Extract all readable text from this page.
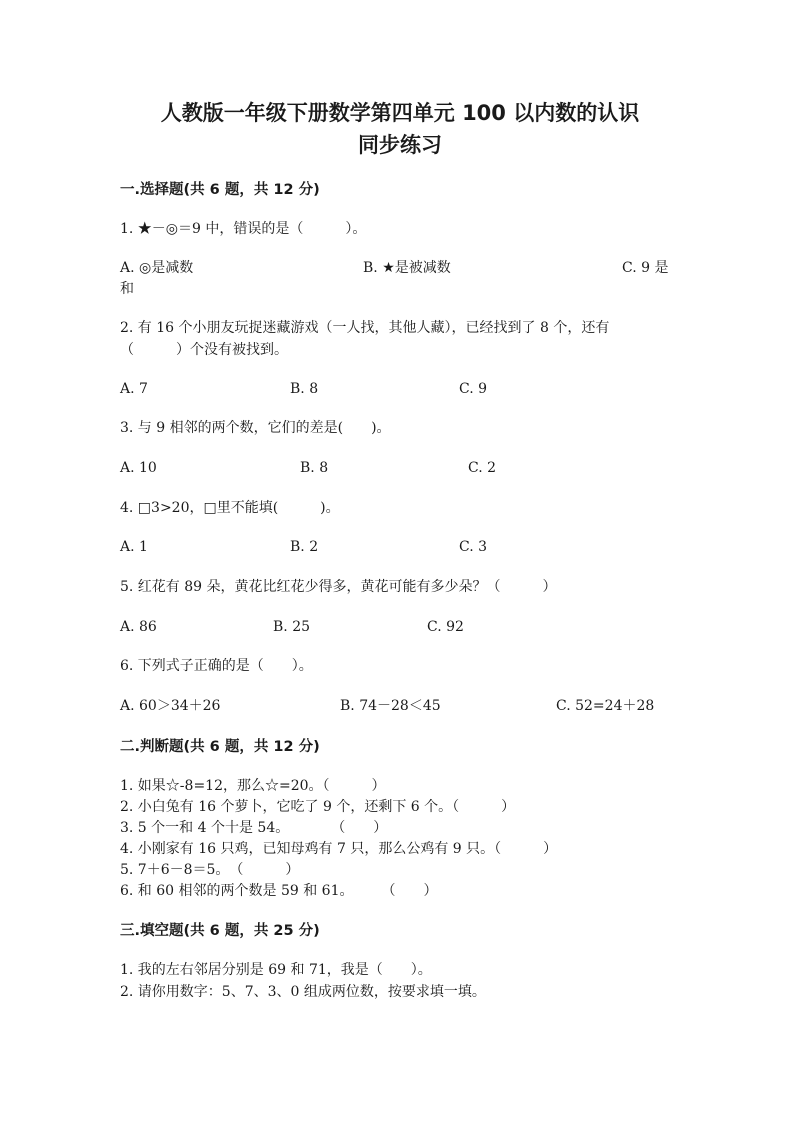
人教版一年级下册数学第四单元 100 以内数的认识
同步练习
一.选择题(共 6 题，共 12 分)
1. ★－◎＝9 中，错误的是（　　　）。
A. ◎是减数	B. ★是被减数	C. 9 是
和
2. 有 16 个小朋友玩捉迷藏游戏（一人找，其他人藏），已经找到了 8 个，还有
（　　　）个没有被找到。
A. 7	B. 8	C. 9
3. 与 9 相邻的两个数，它们的差是(　　)。
A. 10	B. 8	C. 2
4. □3>20，□里不能填(　　　)。
A. 1	B. 2	C. 3
5. 红花有 89 朵，黄花比红花少得多，黄花可能有多少朵？（　　　）
A. 86	B. 25	C. 92
6. 下列式子正确的是（　　）。
A. 60＞34＋26	B. 74－28＜45	C. 52=24＋28
二.判断题(共 6 题，共 12 分)
1. 如果☆-8=12，那么☆=20。（　　　）
2. 小白兔有 16 个萝卜，它吃了 9 个，还剩下 6 个。（　　　）
3. 5 个一和 4 个十是 54。　　　　（　　）
4. 小刚家有 16 只鸡，已知母鸡有 7 只，那么公鸡有 9 只。（　　　）
5. 7＋6－8＝5。　（　　　）
6. 和 60 相邻的两个数是 59 和 61。　　　（　　）
三.填空题(共 6 题，共 25 分)
1. 我的左右邻居分别是 69 和 71，我是（　　）。
2. 请你用数字：5、7、3、0 组成两位数，按要求填一填。
